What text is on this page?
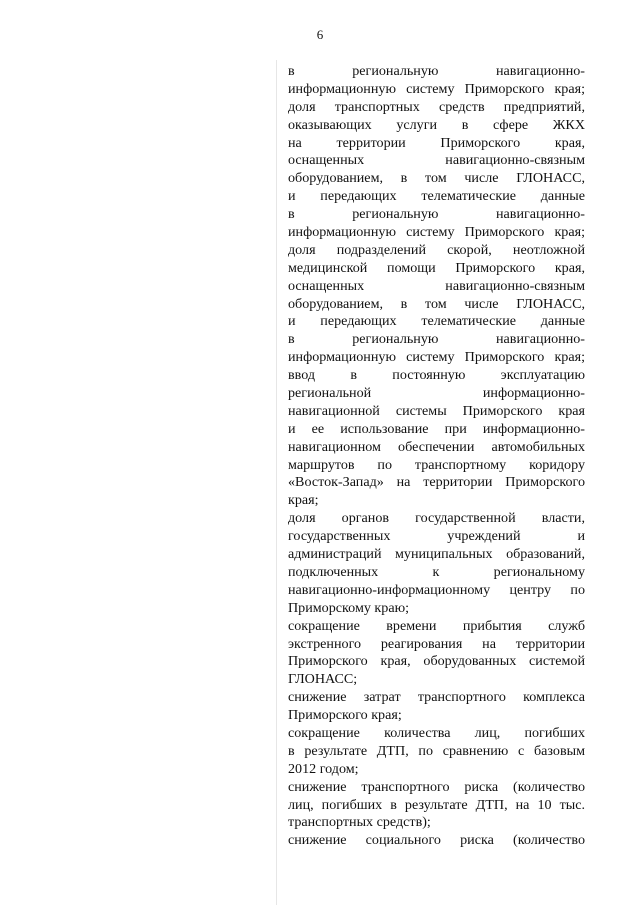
6
в региональную навигационно-
информационную систему Приморского края;
доля транспортных средств предприятий,
оказывающих услуги в сфере ЖКХ
на территории Приморского края,
оснащенных навигационно-связным
оборудованием, в том числе ГЛОНАСС,
и передающих телематические данные
в региональную навигационно-
информационную систему Приморского края;
доля подразделений скорой, неотложной
медицинской помощи Приморского края,
оснащенных навигационно-связным
оборудованием, в том числе ГЛОНАСС,
и передающих телематические данные
в региональную навигационно-
информационную систему Приморского края;
ввод в постоянную эксплуатацию
региональной информационно-
навигационной системы Приморского края
и ее использование при информационно-
навигационном обеспечении автомобильных
маршрутов по транспортному коридору
«Восток-Запад» на территории Приморского
края;
доля органов государственной власти,
государственных учреждений и
администраций муниципальных образований,
подключенных к региональному
навигационно-информационному центру по
Приморскому краю;
сокращение времени прибытия служб
экстренного реагирования на территории
Приморского края, оборудованных системой
ГЛОНАСС;
снижение затрат транспортного комплекса
Приморского края;
сокращение количества лиц, погибших
в результате ДТП, по сравнению с базовым
2012 годом;
снижение транспортного риска (количество
лиц, погибших в результате ДТП, на 10 тыс.
транспортных средств);
снижение социального риска (количество
